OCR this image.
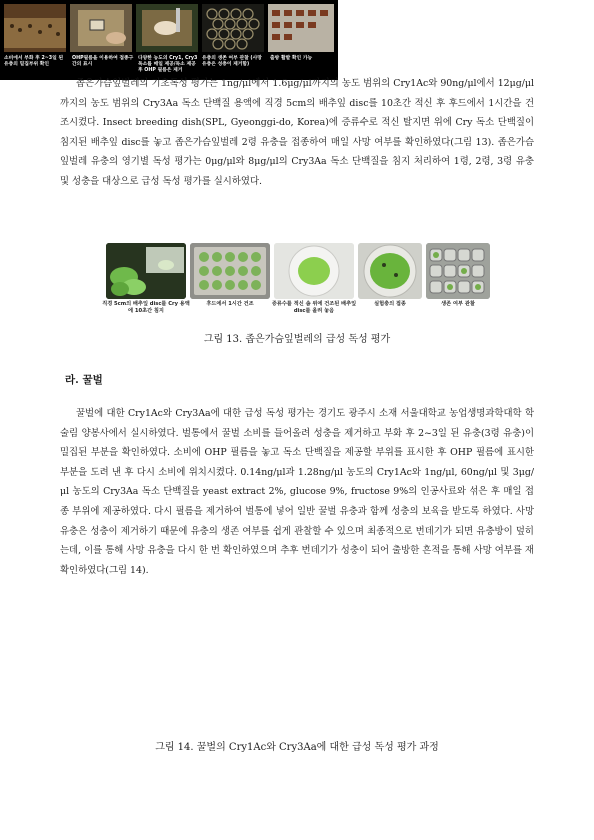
좁은가슴잎벌레의 기초독성 평가는 1ng/μl에서 1.6μg/μl까지의 농도 범위의 Cry1Ac와 90ng/μl에서 12μg/μl까지의 농도 범위의 Cry3Aa 독소 단백질 용액에 직경 5cm의 배추잎 disc를 10초간 적신 후 후드에서 1시간을 건조시켰다. Insect breeding dish(SPL, Gyeonggi-do, Korea)에 증류수로 적신 탈지면 위에 Cry 독소 단백질이 침지된 배추잎 disc를 놓고 좁은가슴잎벌레 2령 유충을 접종하여 매일 사망 여부를 확인하였다(그림 13). 좁은가슴잎벌레 유충의 영기별 독성 평가는 0μg/μl와 8μg/μl의 Cry3Aa 독소 단백질을 침지 처리하여 1령, 2령, 3령 유충 및 성충을 대상으로 급성 독성 평가를 실시하였다.

직경 5cm의 배추잎 disc를 Cry 용액에 10초간 침지
후드에서 1시간 건조	증류수를 적신 솜 위에 건조된 배추잎 disc를 올려 놓음
실험충의 접종	생존 여부 관찰
그림 13. 좁은가슴잎벌레의 급성 독성 평가
라. 꿀벌

꿀벌에 대한 Cry1Ac와 Cry3Aa에 대한 급성 독성 평가는 경기도 광주시 소재 서울대학교 농업생명과학대학 학술림 양봉사에서 실시하였다. 벌통에서 꿀벌 소비를 들어올려 성충을 제거하고 부화 후 2~3일 된 유충(3령 유충)이 밀집된 부분을 확인하였다. 소비에 OHP 필름을 놓고 독소 단백질을 제공할 부위를 표시한 후 OHP 필름에 표시한 부분을 도려 낸 후 다시 소비에 위치시켰다. 0.14ng/μl과 1.28ng/μl 농도의 Cry1Ac와 1ng/μl, 60ng/μl 및 3μg/μl 농도의 Cry3Aa 독소 단백질을 yeast extract 2%, glucose 9%, fructose 9%의 인공사료와 섞은 후 매일 접종 부위에 제공하였다. 다시 필름을 제거하여 벌통에 넣어 일반 꿀벌 유충과 함께 성충의 보육을 받도록 하였다. 사망 유충은 성충이 제거하기 때문에 유충의 생존 여부를 쉽게 관찰할 수 있으며 최종적으로 번데기가 되면 유충방이 덮히는데, 이를 통해 사망 유충을 다시 한 번 확인하였으며 추후 번데기가 성충이 되어 출방한 흔적을 통해 사망 여부를 재확인하였다(그림 14).

소비에서 부화 후 2~3일 된 유충의 밀집부위 확인
OHP필름을 이용하여 접종구간의 표시
다양한 농도의 Cry1, Cry3 독소를 매일 제공/독소 제공 후 OHP 필름은 제거
유충의 생존 여부 관찰 (사망 유충은 성충이 제거함)
출방 활발 확인 가능
그림 14. 꿀벌의 Cry1Ac와 Cry3Aa에 대한 급성 독성 평가 과정
